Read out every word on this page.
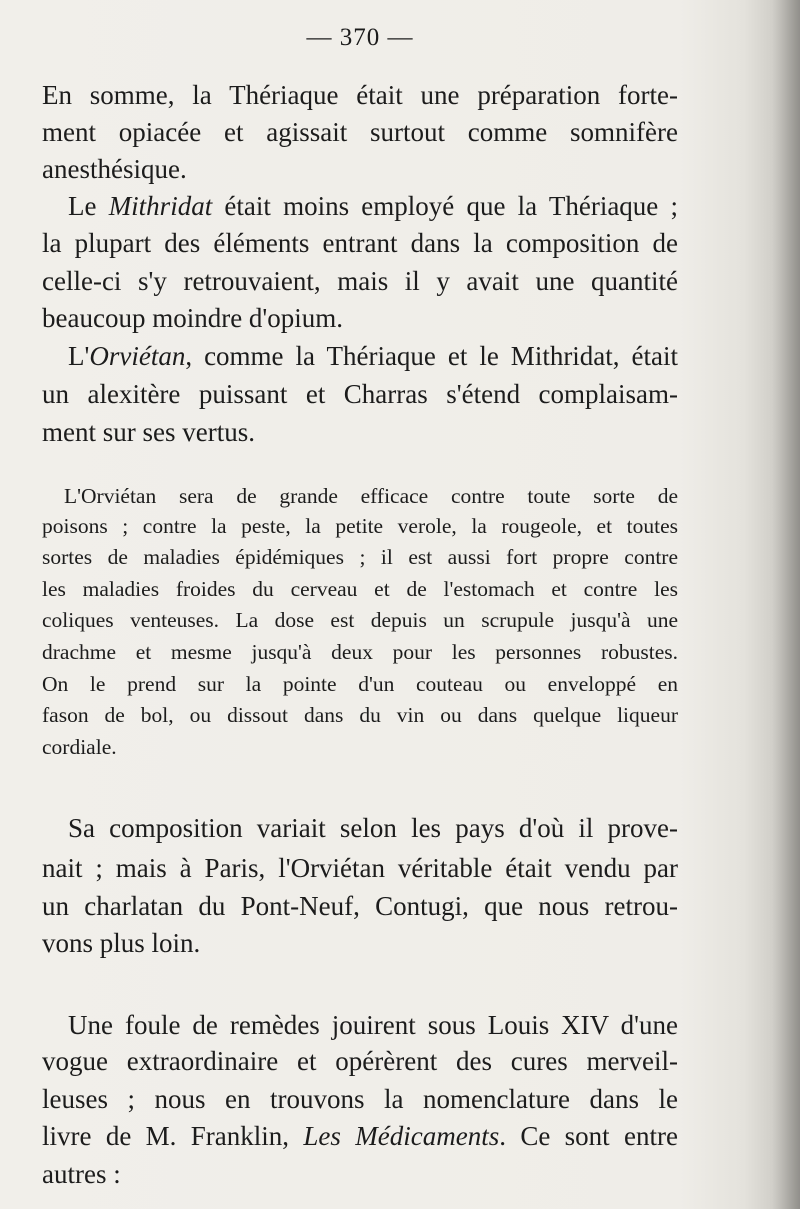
— 370 —
En somme, la Thériaque était une préparation forte-
ment opiacée et agissait surtout comme somnifère
anesthésique.
Le Mithridat était moins employé que la Thériaque ;
la plupart des éléments entrant dans la composition de
celle-ci s'y retrouvaient, mais il y avait une quantité
beaucoup moindre d'opium.
L'Orviétan, comme la Thériaque et le Mithridat, était
un alexitère puissant et Charras s'étend complaisam-
ment sur ses vertus.
L'Orviétan sera de grande efficace contre toute sorte de
poisons ; contre la peste, la petite verole, la rougeole, et toutes
sortes de maladies épidémiques ; il est aussi fort propre contre
les maladies froides du cerveau et de l'estomach et contre les
coliques venteuses. La dose est depuis un scrupule jusqu'à une
drachme et mesme jusqu'à deux pour les personnes robustes.
On le prend sur la pointe d'un couteau ou enveloppé en
fason de bol, ou dissout dans du vin ou dans quelque liqueur
cordiale.
Sa composition variait selon les pays d'où il prove-
nait ; mais à Paris, l'Orviétan véritable était vendu par
un charlatan du Pont-Neuf, Contugi, que nous retrou-
vons plus loin.
Une foule de remèdes jouirent sous Louis XIV d'une
vogue extraordinaire et opérèrent des cures merveil-
leuses ; nous en trouvons la nomenclature dans le
livre de M. Franklin, Les Médicaments. Ce sont entre
autres :
